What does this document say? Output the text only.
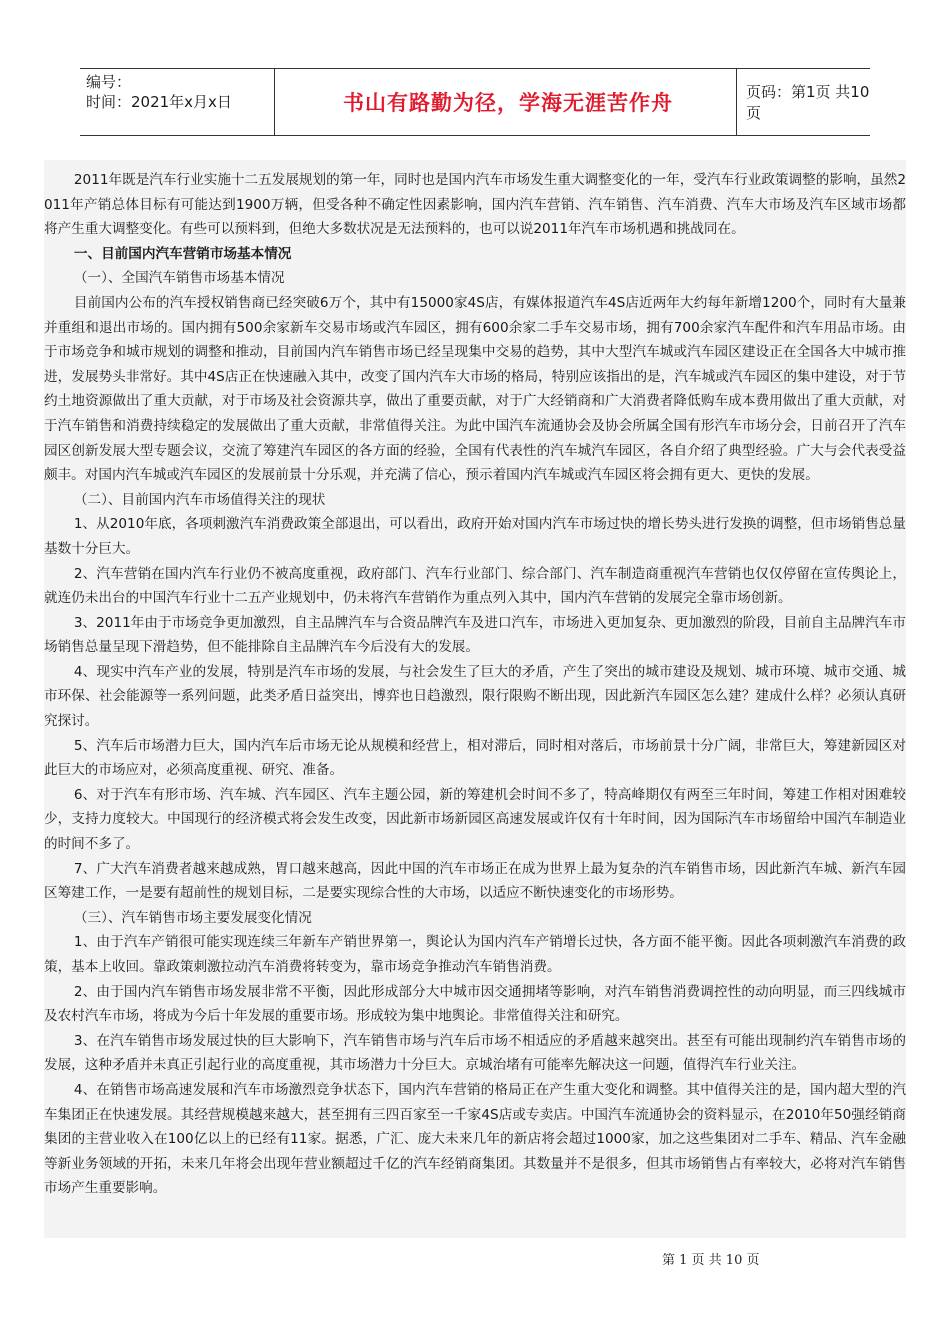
编号：
时间：2021年x月x日	书山有路勤为径，学海无涯苦作舟	页码：第1页 共10页

2011年既是汽车行业实施十二五发展规划的第一年，同时也是国内汽车市场发生重大调整变化的一年，受汽车行业政策调整的影响，虽然2011年产销总体目标有可能达到1900万辆，但受各种不确定性因素影响，国内汽车营销、汽车销售、汽车消费、汽车大市场及汽车区域市场都将产生重大调整变化。有些可以预料到，但绝大多数状况是无法预料的，也可以说2011年汽车市场机遇和挑战同在。

一、目前国内汽车营销市场基本情况

（一）、全国汽车销售市场基本情况

目前国内公布的汽车授权销售商已经突破6万个，其中有15000家4S店，有媒体报道汽车4S店近两年大约每年新增1200个，同时有大量兼并重组和退出市场的。国内拥有500余家新车交易市场或汽车园区，拥有600余家二手车交易市场，拥有700余家汽车配件和汽车用品市场。由于市场竞争和城市规划的调整和推动，目前国内汽车销售市场已经呈现集中交易的趋势，其中大型汽车城或汽车园区建设正在全国各大中城市推进，发展势头非常好。其中4S店正在快速融入其中，改变了国内汽车大市场的格局，特别应该指出的是，汽车城或汽车园区的集中建设，对于节约土地资源做出了重大贡献，对于市场及社会资源共享，做出了重要贡献，对于广大经销商和广大消费者降低购车成本费用做出了重大贡献，对于汽车销售和消费持续稳定的发展做出了重大贡献，非常值得关注。为此中国汽车流通协会及协会所属全国有形汽车市场分会，日前召开了汽车园区创新发展大型专题会议，交流了筹建汽车园区的各方面的经验，全国有代表性的汽车城汽车园区，各自介绍了典型经验。广大与会代表受益颇丰。对国内汽车城或汽车园区的发展前景十分乐观，并充满了信心，预示着国内汽车城或汽车园区将会拥有更大、更快的发展。

（二）、目前国内汽车市场值得关注的现状

1、从2010年底，各项刺激汽车消费政策全部退出，可以看出，政府开始对国内汽车市场过快的增长势头进行发换的调整，但市场销售总量基数十分巨大。

2、汽车营销在国内汽车行业仍不被高度重视，政府部门、汽车行业部门、综合部门、汽车制造商重视汽车营销也仅仅停留在宣传舆论上，就连仍未出台的中国汽车行业十二五产业规划中，仍未将汽车营销作为重点列入其中，国内汽车营销的发展完全靠市场创新。

3、2011年由于市场竞争更加激烈，自主品牌汽车与合资品牌汽车及进口汽车，市场进入更加复杂、更加激烈的阶段，目前自主品牌汽车市场销售总量呈现下滑趋势，但不能排除自主品牌汽车今后没有大的发展。

4、现实中汽车产业的发展，特别是汽车市场的发展，与社会发生了巨大的矛盾，产生了突出的城市建设及规划、城市环境、城市交通、城市环保、社会能源等一系列问题，此类矛盾日益突出，博弈也日趋激烈，限行限购不断出现，因此新汽车园区怎么建？建成什么样？必须认真研究探讨。

5、汽车后市场潜力巨大，国内汽车后市场无论从规模和经营上，相对滞后，同时相对落后，市场前景十分广阔，非常巨大，筹建新园区对此巨大的市场应对，必须高度重视、研究、准备。

6、对于汽车有形市场、汽车城、汽车园区、汽车主题公园，新的筹建机会时间不多了，特高峰期仅有两至三年时间，筹建工作相对困难较少，支持力度较大。中国现行的经济模式将会发生改变，因此新市场新园区高速发展或许仅有十年时间，因为国际汽车市场留给中国汽车制造业的时间不多了。

7、广大汽车消费者越来越成熟，胃口越来越高，因此中国的汽车市场正在成为世界上最为复杂的汽车销售市场，因此新汽车城、新汽车园区筹建工作，一是要有超前性的规划目标，二是要实现综合性的大市场，以适应不断快速变化的市场形势。

（三）、汽车销售市场主要发展变化情况

1、由于汽车产销很可能实现连续三年新车产销世界第一，舆论认为国内汽车产销增长过快，各方面不能平衡。因此各项刺激汽车消费的政策，基本上收回。靠政策刺激拉动汽车消费将转变为，靠市场竞争推动汽车销售消费。

2、由于国内汽车销售市场发展非常不平衡，因此形成部分大中城市因交通拥堵等影响，对汽车销售消费调控性的动向明显，而三四线城市及农村汽车市场，将成为今后十年发展的重要市场。形成较为集中地舆论。非常值得关注和研究。

3、在汽车销售市场发展过快的巨大影响下，汽车销售市场与汽车后市场不相适应的矛盾越来越突出。甚至有可能出现制约汽车销售市场的发展，这种矛盾并未真正引起行业的高度重视，其市场潜力十分巨大。京城治堵有可能率先解决这一问题，值得汽车行业关注。

4、在销售市场高速发展和汽车市场激烈竞争状态下，国内汽车营销的格局正在产生重大变化和调整。其中值得关注的是，国内超大型的汽车集团正在快速发展。其经营规模越来越大，甚至拥有三四百家至一千家4S店或专卖店。中国汽车流通协会的资料显示，在2010年50强经销商集团的主营业收入在100亿以上的已经有11家。据悉，广汇、庞大未来几年的新店将会超过1000家，加之这些集团对二手车、精品、汽车金融等新业务领域的开拓，未来几年将会出现年营业额超过千亿的汽车经销商集团。其数量并不是很多，但其市场销售占有率较大，必将对汽车销售市场产生重要影响。

第 1 页 共 10 页
